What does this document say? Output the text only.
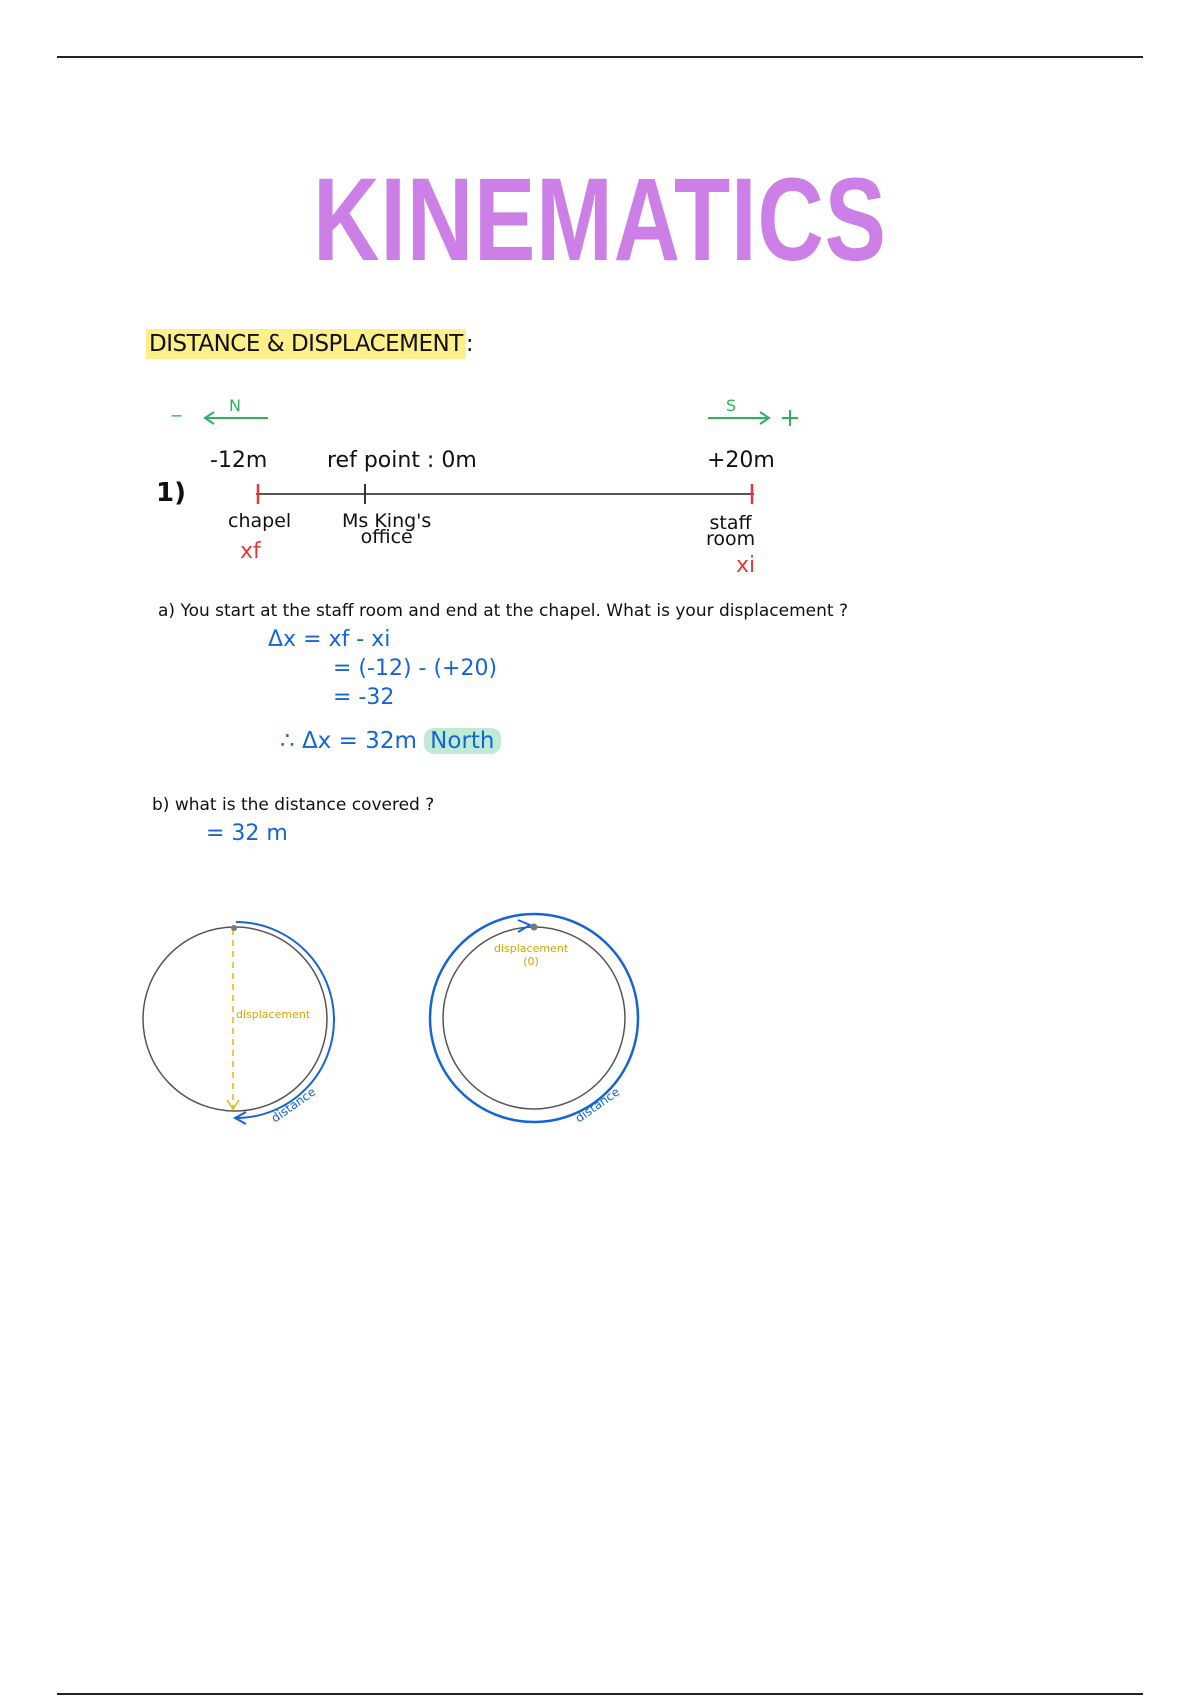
KINEMATICS
DISTANCE & DISPLACEMENT :
−
N	S
-12m	ref point : 0m	+20m
1)
chapel
xf
Ms King's
office
staff
room
xi
a) You start at the staff room and end at the chapel. What is your displacement ?
Δx = xf - xi
= (-12) - (+20)
= -32
∴ Δx = 32m North
b) what is the distance covered ?
= 32 m
displacement
distance
displacement
(0)
distance
